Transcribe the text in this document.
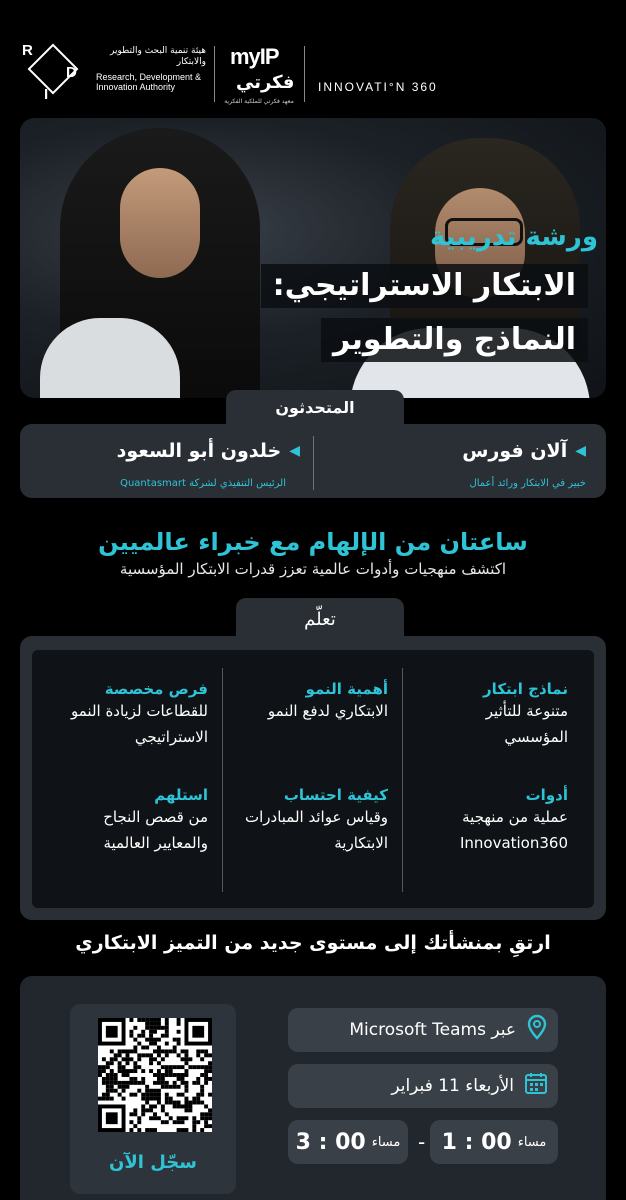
R
D
I
هيئة تنمية البحث والتطوير والابتكار
Research, Development & Innovation Authority
myIP
فكرتي
معهد فكرتي للملكية الفكرية
INNOVATI°N 360
ورشة تدريبية
الابتكار الاستراتيجي:
النماذج والتطوير
المتحدثون
◀
آلان فورس
خبير في الابتكار ورائد أعمال
◀
خلدون أبو السعود
الرئيس التنفيذي لشركة Quantasmart
ساعتان من الإلهام مع خبراء عالميين
اكتشف منهجيات وأدوات عالمية تعزز قدرات الابتكار المؤسسية
تعلّم
نماذج ابتكار
متنوعة للتأثير المؤسسي
أهمية النمو
الابتكاري لدفع النمو
فرص مخصصة
للقطاعات لزيادة النمو الاستراتيجي
أدوات
عملية من منهجية Innovation360
كيفية احتساب
وقياس عوائد المبادرات الابتكارية
استلهم
من قصص النجاح والمعايير العالمية
ارتقِ بمنشأتك إلى مستوى جديد من التميز الابتكاري
سجّل الآن
عبر Microsoft Teams
الأربعاء 11 فبراير
مساء
1 : 00
-
مساء
3 : 00
